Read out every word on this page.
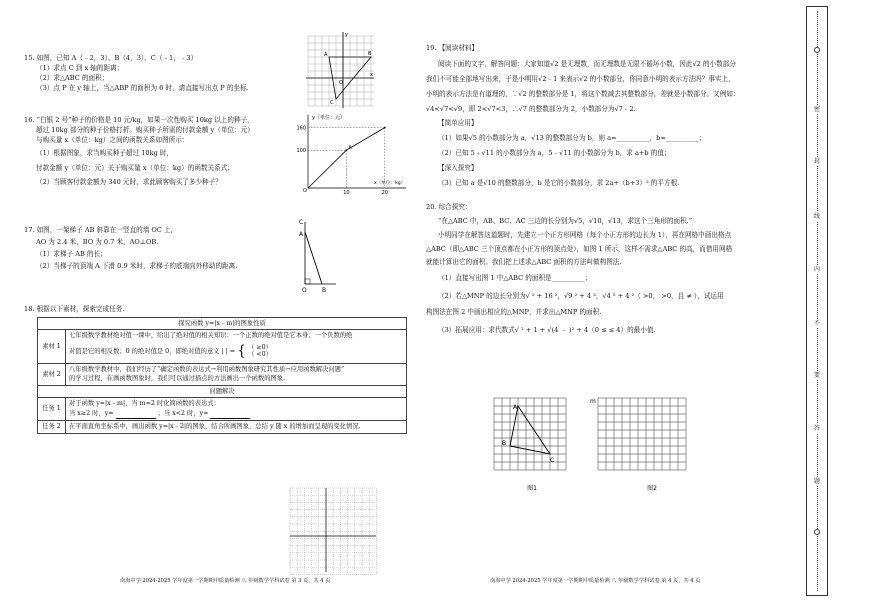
15. 如图，已知 A（﹣2，3）、B（4，3）、C（﹣1，﹣3）
（1）求点 C 到 x 轴的距离；
（2）求△ABC 的面积；
（3）点 P 在 y 轴上，当△ABP 的面积为 6 时，请直接写出点 P 的坐标.
16. “白银 2 号”种子的价格是 10 元/kg，如果一次性购买 10kg 以上的种子，
超过 10kg 部分的种子价格打折。购买种子所需的付款金额 y（单位：元）
与购买量 x（单位：kg）之间的函数关系如图所示：
（1）根据图象，求当购买种子超过 10kg 时，
付款金额 y（单位：元）关于购买量 x（单位：kg）的函数关系式；
（2）当顾客付款金额为 340 元时，求此顾客购买了多少种子？
17. 如图，一架梯子 AB 斜靠在一竖直的墙 OC 上，
AO 为 2.4 米，BO 为 0.7 米，AO⊥OB.
（1）求梯子 AB 的长；
（2）当梯子的顶端 A 下滑 0.9 米时，求梯子的底端向外移动的距离.
18. 根据以下素材，探索完成任务.
探究函数 y=|x﹣m|的图象性质	
素材 1	七年级数学教材绝对值一课中，给出了绝对值的相关知识：一个正数的绝对值是它本身；一个负数的绝
对值是它的相反数；0 的绝对值是 0，即绝对值的意义 | | = { （ ≥0）
（ <0）

素材 2	八年级数学教材中，我们经历了“确定函数的表达式→利用函数图象研究其性质→应用函数解决问题”
的学习过程，在画函数图象时，我们可以通过描点的方法画出一个函数的图象.

问题解决	
任务 1	对于函数 y=|x﹣m|，当 m=2 时化简函数的表达式：
当 x≥2 时，y= ；当 x<2 时，y=

任务 2	在平面直角坐标系中，画出函数 y=|x﹣2|的图象，结合所画图象，总结 y 随 x 的增加而呈现的变化情况.
y
x
A	B
C
O
y（单位：元）
x（单位：kg）
160
100
10	20
A
O
C
A
O	B
南海中学 2024-2025 学年度第一学期期中质量检测 八 年级数学学科试卷 第 3 页，共 4 页
19. 【阅读材料】
阅读下面的文字，解答问题：大家知道√2 是无理数，而无理数是无限不循环小数，因此√2 的小数部分
我们不可能全部地写出来，于是小明用√2﹣1 来表示√2 的小数部分，你同意小明的表示方法吗？事实上，
小明的表示方法是有道理的，∵√2 的整数部分是 1，将这个数减去其整数部分，差就是小数部分。又例如：
√4<√7<√9，即 2<√7<3，∴√7 的整数部分为 2，小数部分为√7﹣2.
【简单应用】
（1）如果√5 的小数部分为 a，√13 的整数部分为 b，则 a=__________，b=__________；
（2）已知 5﹢√11 的小数部分为 a，5﹣√11 的小数部分为 b，求 a+b 的值；
【深入探究】
（3）已知 a 是√10 的整数部分，b 是它的小数部分，求 2a+（b+3）² 的平方根.
20. 综合探究：
“在△ABC 中，AB、BC、AC 三边的长分别为√5，√10，√13，求这个三角形的面积.”
小明同学在解答这道题时，先建立一个正方形网格（每个小正方形的边长为 1），再在网格中画出格点
△ABC（即△ABC 三个顶点都在小正方形的顶点处），如图 1 所示，这样不需求△ABC 的高，而借用网格
就能计算出它的面积。我们把上述求△ABC 面积的方法叫做构图法.
（1）直接写出图 1 中△ABC 的面积是__________；
（2）若△MNP 的边长分别为√ ² + 16 ²，√9 ² + 4 ²，√4 ² + 4 ²（ >0， >0，且 ≠ ），试运用
构图法在图 2 中画出相应的△MNP，并求出△MNP 的面积.
（3）拓展应用：求代数式√ ² + 1 + √(4 ﹣ )² + 4（0 ≤ ≤ 4）的最小值.
A
B
C
图1
m
图2
南海中学 2024-2025 学年度第一学期期中质量检测 八 年级数学学科试卷 第 4 页，共 4 页
密
封
线
内
不
要
答
题
